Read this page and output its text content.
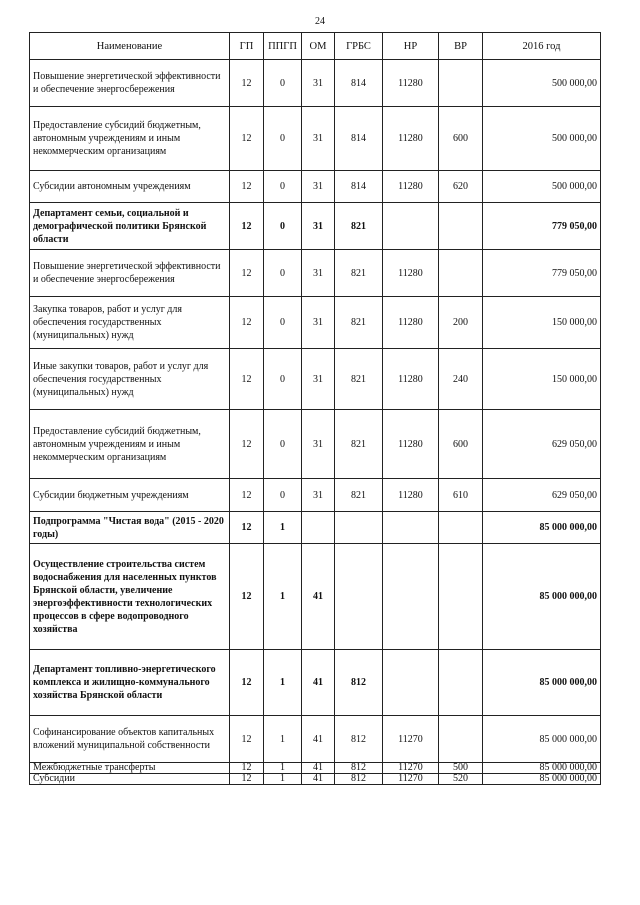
24
Наименование	ГП	ППГП	ОМ	ГРБС	НР	ВР	2016 год
Повышение энергетической эффективности и обеспечение энергосбережения	12	0	31	814	11280		500 000,00
Предоставление субсидий бюджетным, автономным учреждениям и иным некоммерческим организациям	12	0	31	814	11280	600	500 000,00
Субсидии автономным учреждениям	12	0	31	814	11280	620	500 000,00
Департамент семьи, социальной и демографической политики Брянской области	12	0	31	821			779 050,00
Повышение энергетической эффективности и обеспечение энергосбережения	12	0	31	821	11280		779 050,00
Закупка товаров, работ и услуг для обеспечения государственных (муниципальных) нужд	12	0	31	821	11280	200	150 000,00
Иные закупки товаров, работ и услуг для обеспечения государственных (муниципальных) нужд	12	0	31	821	11280	240	150 000,00
Предоставление субсидий бюджетным, автономным учреждениям и иным некоммерческим организациям	12	0	31	821	11280	600	629 050,00
Субсидии бюджетным учреждениям	12	0	31	821	11280	610	629 050,00
Подпрограмма "Чистая вода" (2015 - 2020 годы)	12	1					85 000 000,00
Осуществление строительства систем водоснабжения для населенных пунктов Брянской области, увеличение энергоэффективности технологических процессов в сфере водопроводного хозяйства	12	1	41				85 000 000,00
Департамент топливно-энергетического комплекса и жилищно-коммунального хозяйства Брянской области	12	1	41	812			85 000 000,00
Софинансирование объектов капитальных вложений муниципальной собственности	12	1	41	812	11270		85 000 000,00
Межбюджетные трансферты	12	1	41	812	11270	500	85 000 000,00
Субсидии	12	1	41	812	11270	520	85 000 000,00
